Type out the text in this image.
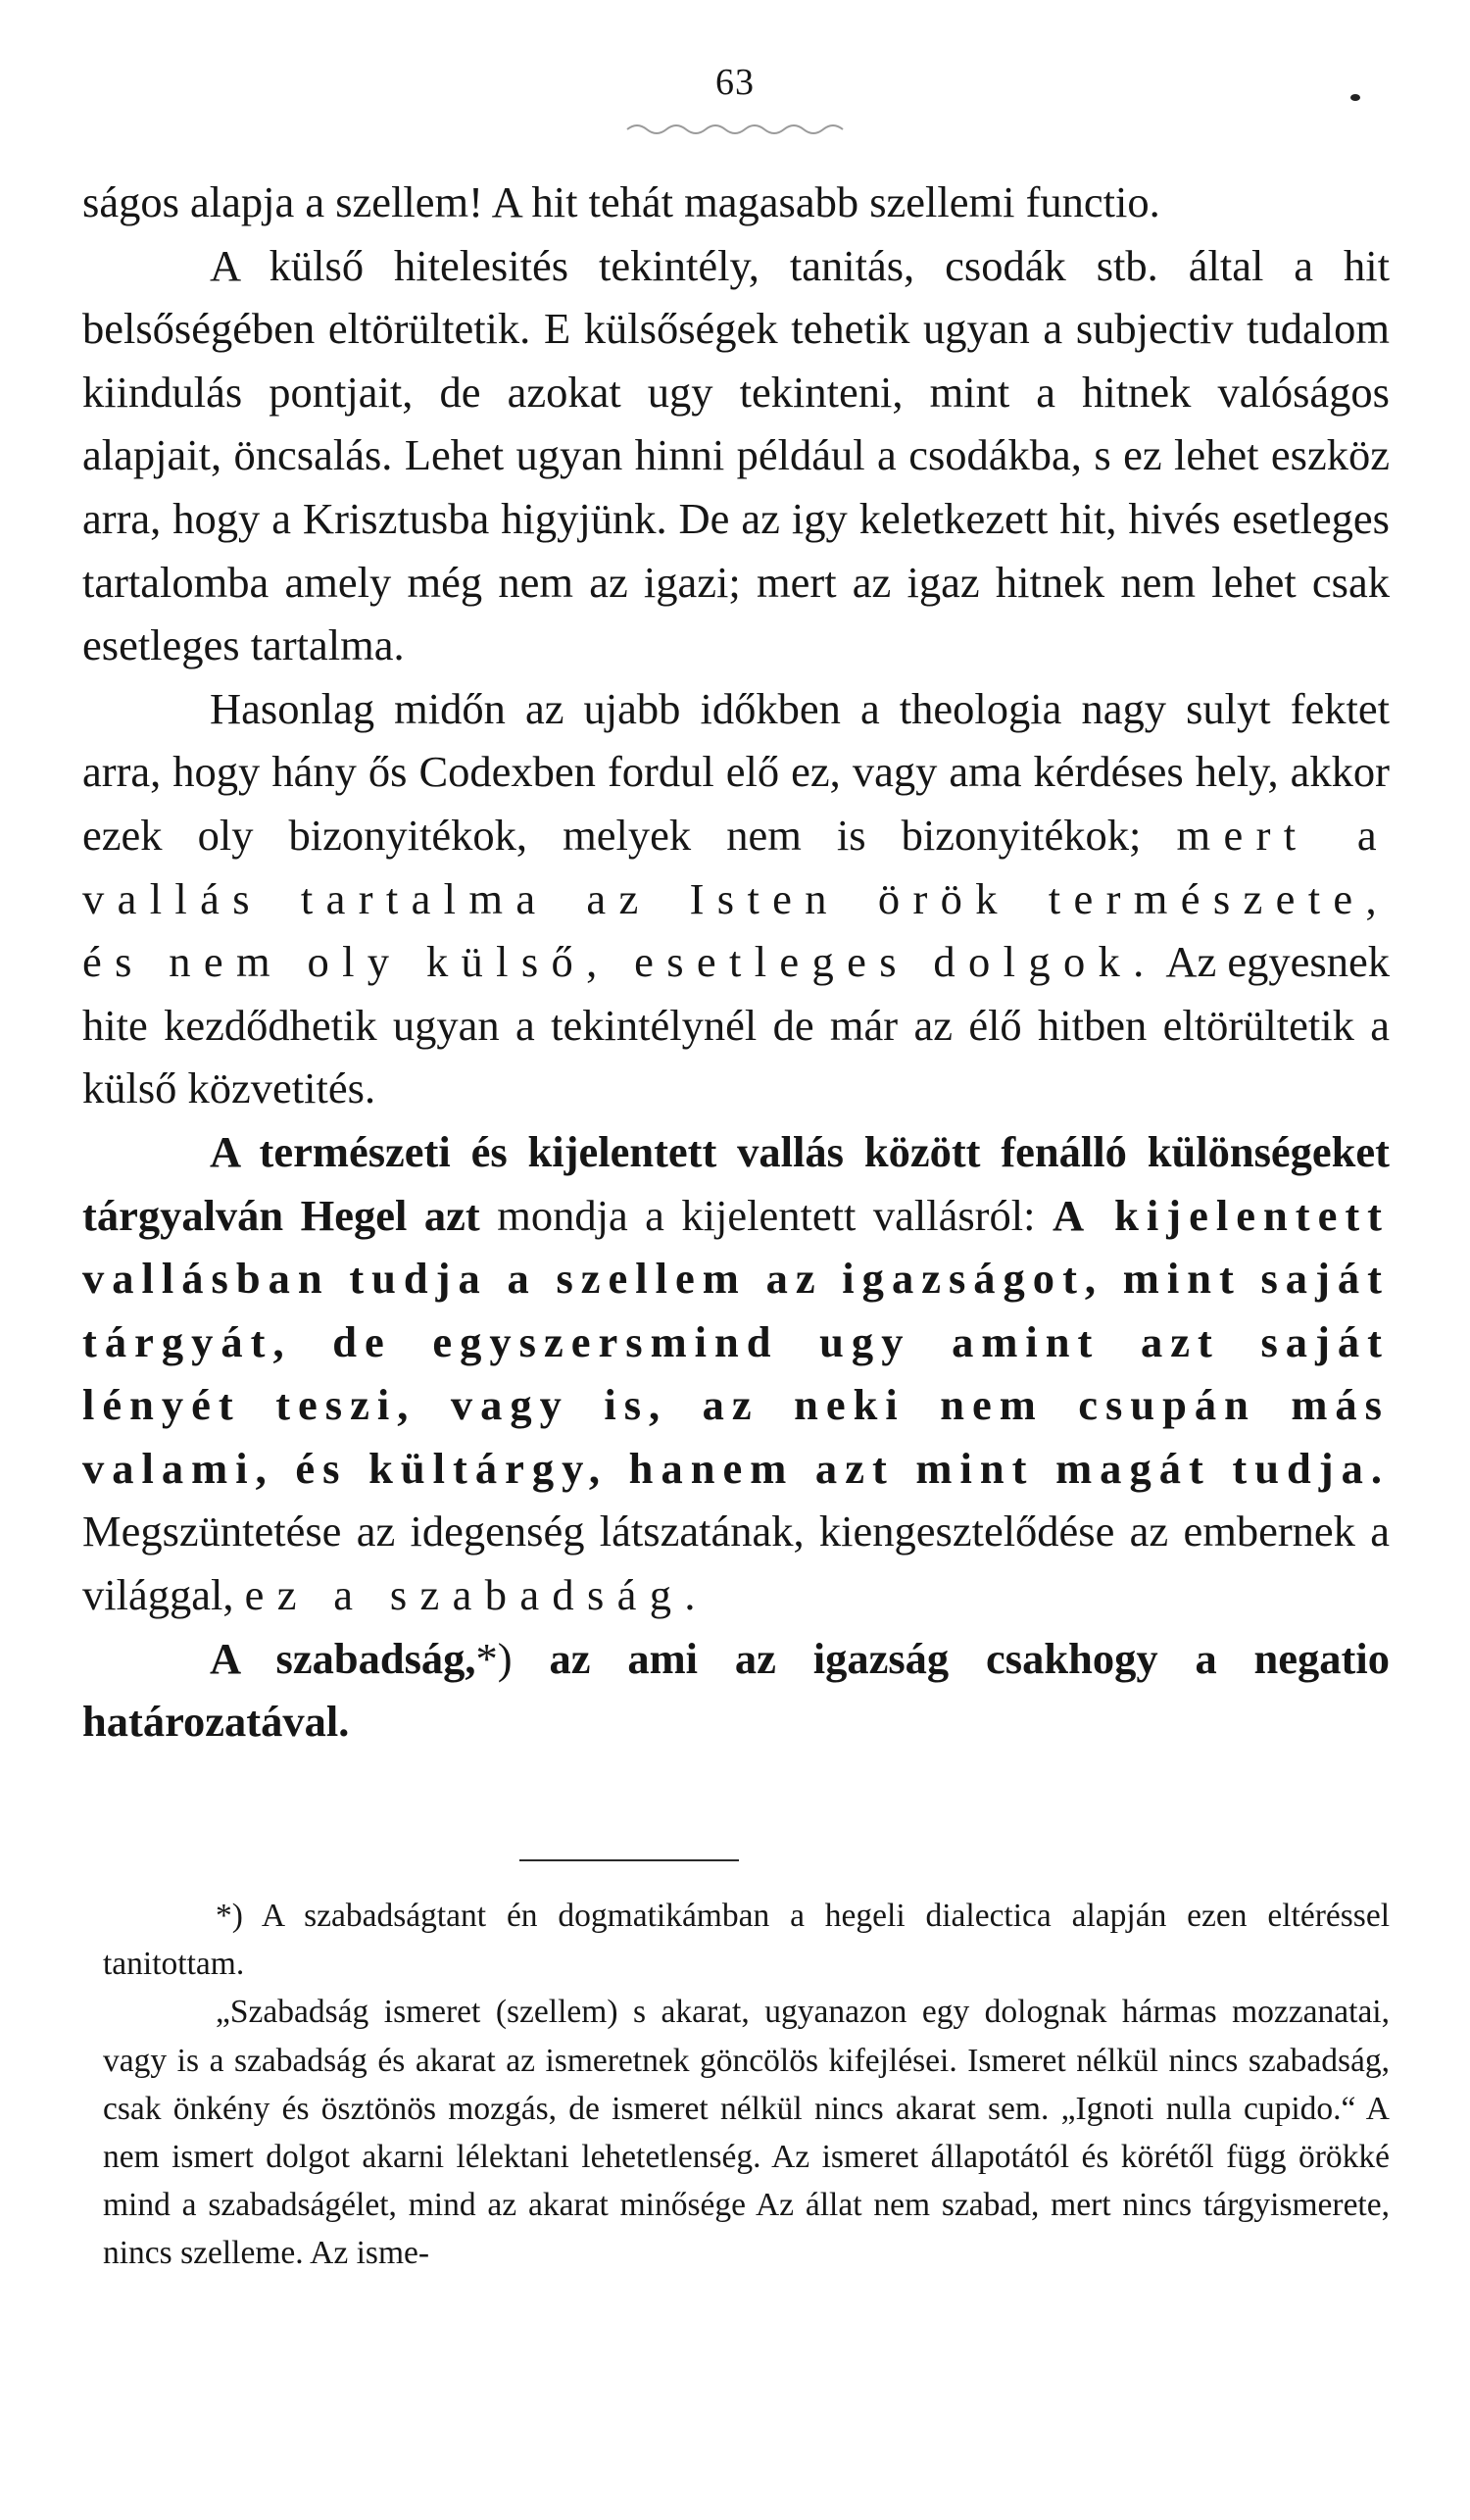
63

ságos alapja a szellem! A hit tehát magasabb szellemi functio.

A külső hitelesités tekintély, tanitás, csodák stb. által a hit belsőségében eltörültetik. E külsőségek tehetik ugyan a subjectiv tudalom kiindulás pontjait, de azokat ugy tekinteni, mint a hitnek valóságos alapjait, öncsalás. Lehet ugyan hinni például a csodákba, s ez lehet eszköz arra, hogy a Krisztusba higyjünk. De az igy keletkezett hit, hivés esetleges tartalomba amely még nem az igazi; mert az igaz hitnek nem lehet csak esetleges tartalma.

Hasonlag midőn az ujabb időkben a theologia nagy sulyt fektet arra, hogy hány ős Codexben fordul elő ez, vagy ama kérdéses hely, akkor ezek oly bizonyitékok, melyek nem is bizonyitékok; mert a vallás tartalma az Isten örök természete, és nem oly külső, esetleges dolgok. Az egyesnek hite kezdődhetik ugyan a tekintélynél de már az élő hitben eltörültetik a külső közvetités.

A természeti és kijelentett vallás között fenálló különségeket tárgyalván Hegel azt mondja a kijelentett vallásról: A kijelentett vallásban tudja a szellem az igazságot, mint saját tárgyát, de egyszersmind ugy amint azt saját lényét teszi, vagy is, az neki nem csupán más valami, és kültárgy, hanem azt mint magát tudja. Megszüntetése az idegenség látszatának, kiengesztelődése az embernek a világgal, ez a szabadság.

A szabadság,*) az ami az igazság csakhogy a negatio határozatával.

*) A szabadságtant én dogmatikámban a hegeli dialectica alapján ezen eltéréssel tanitottam.

„Szabadság ismeret (szellem) s akarat, ugyanazon egy dolognak hármas mozzanatai, vagy is a szabadság és akarat az ismeretnek göncölös kifejlései. Ismeret nélkül nincs szabadság, csak önkény és ösztönös mozgás, de ismeret nélkül nincs akarat sem. „Ignoti nulla cupido.“ A nem ismert dolgot akarni lélektani lehetetlenség. Az ismeret állapotától és körétől függ örökké mind a szabadságélet, mind az akarat minősége Az állat nem szabad, mert nincs tárgyismerete, nincs szelleme. Az isme-
